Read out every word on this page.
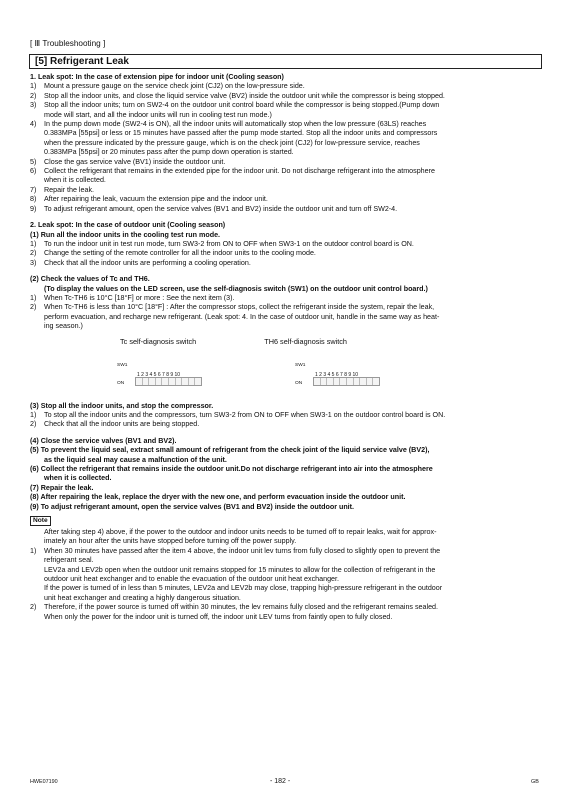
[ Ⅲ Troubleshooting ]
[5] Refrigerant Leak

1. Leak spot: In the case of extension pipe for indoor unit (Cooling season)

1)	Mount a pressure gauge on the service check joint (CJ2) on the low-pressure side.
2)	Stop all the indoor units, and close the liquid service valve (BV2) inside the outdoor unit while the compressor is being stopped.
3)	Stop all the indoor units; turn on SW2-4 on the outdoor unit control board while the compressor is being stopped.(Pump down
mode will start, and all the indoor units will run in cooling test run mode.)
4)	In the pump down mode (SW2-4 is ON), all the indoor units will automatically stop when the low pressure (63LS) reaches
0.383MPa [55psi] or less or 15 minutes have passed after the pump mode started. Stop all the indoor units and compressors
when the pressure indicated by the pressure gauge, which is on the check joint (CJ2) for low-pressure service, reaches
0.383MPa [55psi] or 20 minutes pass after the pump down operation is started.
5)	Close the gas service valve (BV1) inside the outdoor unit.
6)	Collect the refrigerant that remains in the extended pipe for the indoor unit. Do not discharge refrigerant into the atmosphere
when it is collected.
7)	Repair the leak.
8)	After repairing the leak, vacuum the extension pipe and the indoor unit.
9)	To adjust refrigerant amount, open the service valves (BV1 and BV2) inside the outdoor unit and turn off SW2-4.

2. Leak spot: In the case of outdoor unit (Cooling season)

(1) Run all the indoor units in the cooling test run mode.

1)	To run the indoor unit in test run mode, turn SW3-2 from ON to OFF when SW3-1 on the outdoor control board is ON.
2)	Change the setting of the remote controller for all the indoor units to the cooling mode.
3)	Check that all the indoor units are performing a cooling operation.

(2) Check the values of Tc and TH6.

(To display the values on the LED screen, use the self-diagnosis switch (SW1) on the outdoor unit control board.)

1)	When Tc-TH6 is 10°C [18°F] or more : See the next item (3).
2)	When Tc-TH6 is less than 10°C [18°F] : After the compressor stops, collect the refrigerant inside the system, repair the leak,
perform evacuation, and recharge new refrigerant. (Leak spot: 4. In the case of outdoor unit, handle in the same way as heat-
ing season.)
Tc self-diagnosis switch	TH6 self-diagnosis switch
SW1
1 2 3 4 5 6 7 8 9 10
ON
SW1
1 2 3 4 5 6 7 8 9 10
ON

(3) Stop all the indoor units, and stop the compressor.

1)	To stop all the indoor units and the compressors, turn SW3-2 from ON to OFF when SW3-1 on the outdoor control board is ON.
2)	Check that all the indoor units are being stopped.
(4) Close the service valves (BV1 and BV2).
(5) To prevent the liquid seal, extract small amount of refrigerant from the check joint of the liquid service valve (BV2),
as the liquid seal may cause a malfunction of the unit.
(6) Collect the refrigerant that remains inside the outdoor unit.Do not discharge refrigerant into air into the atmosphere
when it is collected.
(7) Repair the leak.
(8) After repairing the leak, replace the dryer with the new one, and perform evacuation inside the outdoor unit.
(9) To adjust refrigerant amount, open the service valves (BV1 and BV2) inside the outdoor unit.
Note
After taking step 4) above, if the power to the outdoor and indoor units needs to be turned off to repair leaks, wait for approx-
imately an hour after the units have stopped before turning off the power supply.
1)	When 30 minutes have passed after the item 4 above, the indoor unit lev turns from fully closed to slightly open to prevent the
refrigerant seal.
LEV2a and LEV2b open when the outdoor unit remains stopped for 15 minutes to allow for the collection of refrigerant in the
outdoor unit heat exchanger and to enable the evacuation of the outdoor unit heat exchanger.
If the power is turned of in less than 5 minutes, LEV2a and LEV2b may close, trapping high-pressure refrigerant in the outdoor
unit heat exchanger and creating a highly dangerous situation.
2)	Therefore, if the power source is turned off within 30 minutes, the lev remains fully closed and the refrigerant remains sealed.
When only the power for the indoor unit is turned off, the indoor unit LEV turns from faintly open to fully closed.
HWE07190	- 182 -	GB
